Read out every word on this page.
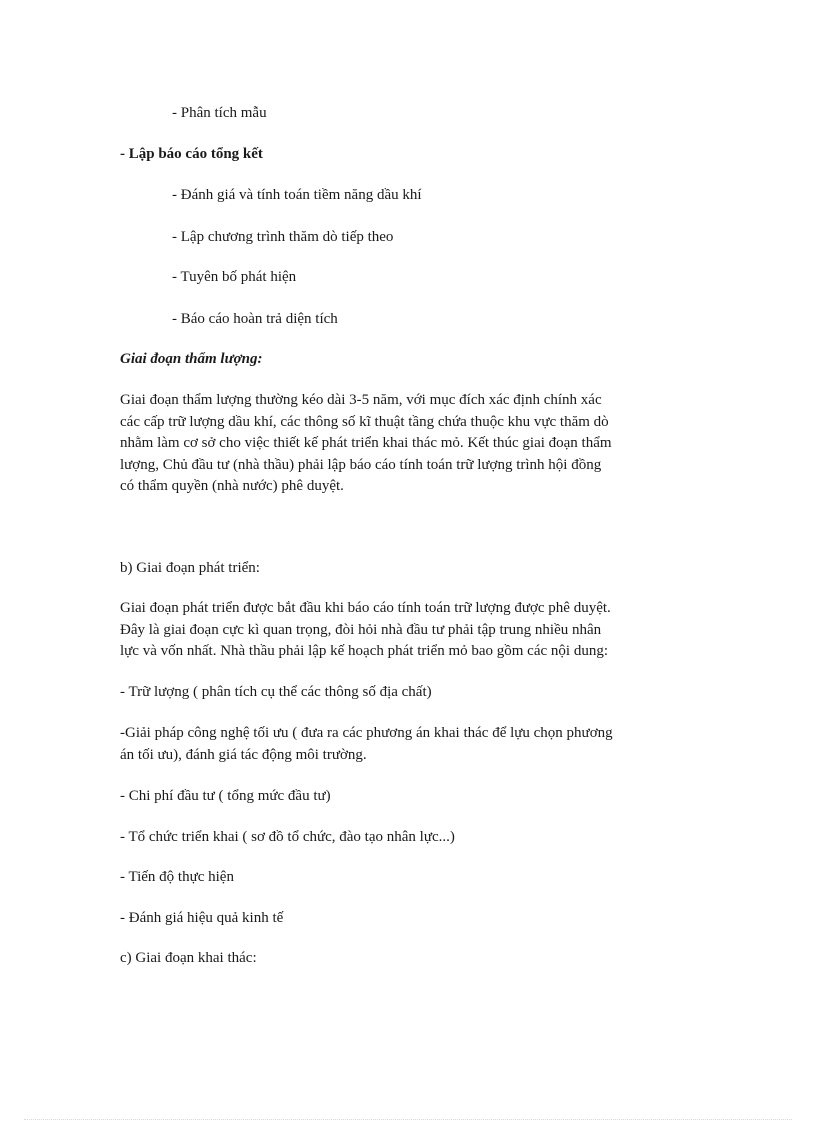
- Phân tích mẫu
- Lập báo cáo tổng kết
- Đánh giá và tính toán tiềm năng dầu khí
- Lập chương trình thăm dò tiếp theo
- Tuyên bố phát hiện
- Báo cáo hoàn trả diện tích
Giai đoạn thẩm lượng:
Giai đoạn thẩm lượng thường kéo dài 3-5 năm, với mục đích xác định chính xác
các cấp trữ lượng dầu khí, các thông số kĩ thuật tầng chứa thuộc khu vực thăm dò
nhằm làm cơ sở cho việc thiết kế phát triển khai thác mỏ. Kết thúc giai đoạn thẩm
lượng, Chủ đầu tư (nhà thầu) phải lập báo cáo tính toán trữ lượng trình hội đồng
có thẩm quyền (nhà nước) phê duyệt.
b) Giai đoạn phát triển:
Giai đoạn phát triển được bắt đầu khi báo cáo tính toán trữ lượng được phê duyệt.
Đây là giai đoạn cực kì quan trọng, đòi hỏi nhà đầu tư phải tập trung nhiều nhân
lực và vốn nhất. Nhà thầu phải lập kế hoạch phát triển mỏ bao gồm các nội dung:
- Trữ lượng ( phân tích cụ thể các thông số địa chất)
-Giải pháp công nghệ tối ưu ( đưa ra các phương án khai thác để lựu chọn phương
án tối ưu), đánh giá tác động môi trường.
- Chi phí đầu tư ( tổng mức đầu tư)
- Tổ chức triển khai ( sơ đồ tổ chức, đào tạo nhân lực...)
- Tiến độ thực hiện
- Đánh giá hiệu quả kinh tế
c) Giai đoạn khai thác:
